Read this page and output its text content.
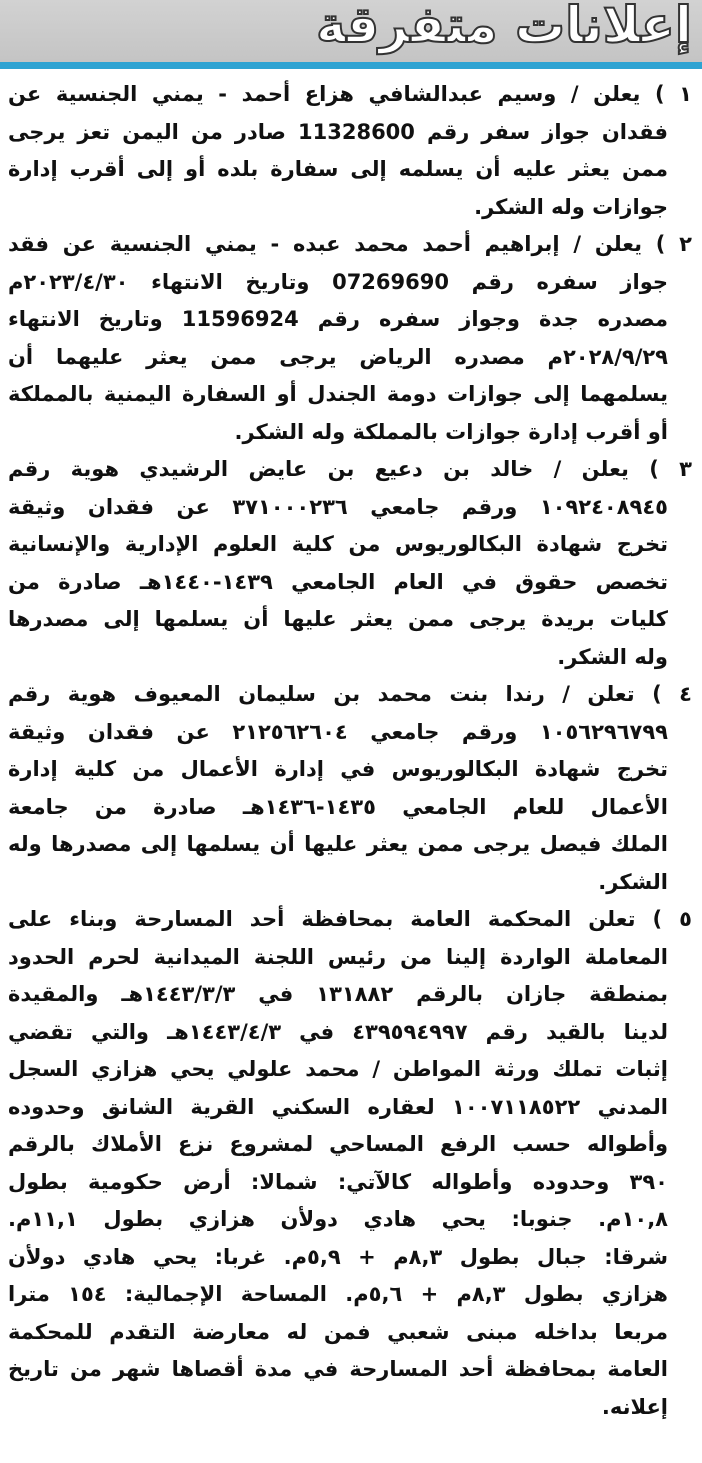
إعلانات متفرقة
١ ) يعلن / وسيم عبدالشافي هزاع أحمد - يمني الجنسية عن
فقدان جواز سفر رقم 11328600 صادر من اليمن تعز يرجى
ممن يعثر عليه أن يسلمه إلى سفارة بلده أو إلى أقرب إدارة
جوازات وله الشكر.
٢ ) يعلن / إبراهيم أحمد محمد عبده - يمني الجنسية عن فقد
جواز سفره رقم 07269690 وتاريخ الانتهاء ٢٠٢٣/٤/٣٠م
مصدره جدة وجواز سفره رقم 11596924 وتاريخ الانتهاء
٢٠٢٨/٩/٢٩م مصدره الرياض يرجى ممن يعثر عليهما أن
يسلمهما إلى جوازات دومة الجندل أو السفارة اليمنية بالمملكة
أو أقرب إدارة جوازات بالمملكة وله الشكر.
٣ ) يعلن / خالد بن دعيع بن عايض الرشيدي هوية رقم
١٠٩٢٤٠٨٩٤٥ ورقم جامعي ٣٧١٠٠٠٢٣٦ عن فقدان وثيقة
تخرج شهادة البكالوريوس من كلية العلوم الإدارية والإنسانية
تخصص حقوق في العام الجامعي ١٤٣٩-١٤٤٠هـ صادرة من
كليات بريدة يرجى ممن يعثر عليها أن يسلمها إلى مصدرها
وله الشكر.
٤ ) تعلن / رندا بنت محمد بن سليمان المعيوف هوية رقم
١٠٥٦٢٩٦٧٩٩ ورقم جامعي ٢١٢٥٦٢٦٠٤ عن فقدان وثيقة
تخرج شهادة البكالوريوس في إدارة الأعمال من كلية إدارة
الأعمال للعام الجامعي ١٤٣٥-١٤٣٦هـ صادرة من جامعة
الملك فيصل يرجى ممن يعثر عليها أن يسلمها إلى مصدرها وله
الشكر.
٥ ) تعلن المحكمة العامة بمحافظة أحد المسارحة وبناء على
المعاملة الواردة إلينا من رئيس اللجنة الميدانية لحرم الحدود
بمنطقة جازان بالرقم ١٣١٨٨٢ في ١٤٤٣/٣/٣هـ والمقيدة
لدينا بالقيد رقم ٤٣٩٥٩٤٩٩٧ في ١٤٤٣/٤/٣هـ والتي تقضي
إثبات تملك ورثة المواطن / محمد علولي يحي هزازي السجل
المدني ١٠٠٧١١٨٥٢٢ لعقاره السكني القرية الشانق وحدوده
وأطواله حسب الرفع المساحي لمشروع نزع الأملاك بالرقم
٣٩٠ وحدوده وأطواله كالآتي: شمالا: أرض حكومية بطول
١٠,٨م. جنوبا: يحي هادي دولأن هزازي بطول ١١,١م.
شرقا: جبال بطول ٨,٣م + ٥,٩م. غربا: يحي هادي دولأن
هزازي بطول ٨,٣م + ٥,٦م. المساحة الإجمالية: ١٥٤ مترا
مربعا بداخله مبنى شعبي فمن له معارضة التقدم للمحكمة
العامة بمحافظة أحد المسارحة في مدة أقصاها شهر من تاريخ
إعلانه.
